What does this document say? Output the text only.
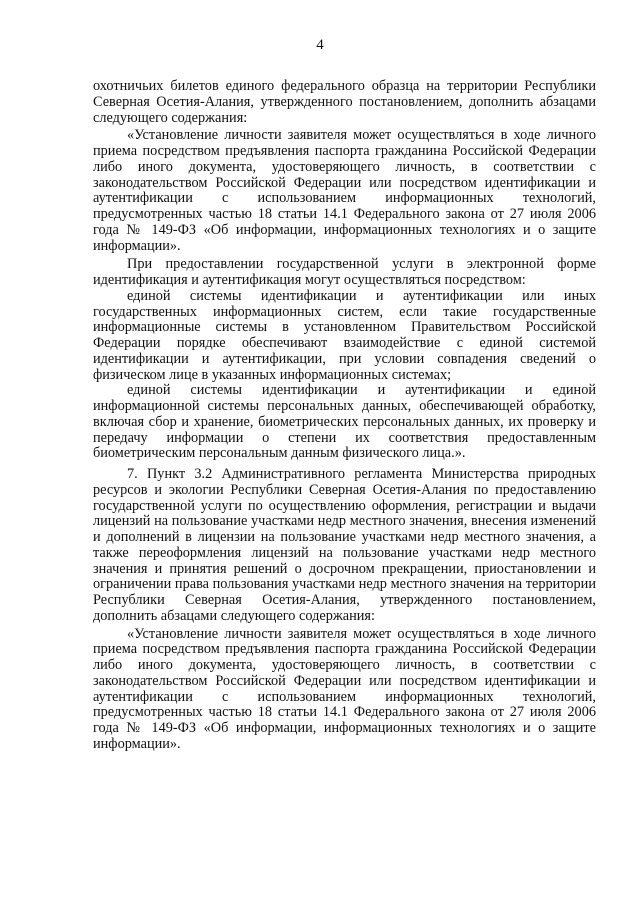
4

охотничьих билетов единого федерального образца на территории Республики Северная Осетия-Алания, утвержденного постановлением, дополнить абзацами следующего содержания:

«Установление личности заявителя может осуществляться в ходе личного приема посредством предъявления паспорта гражданина Российской Федерации либо иного документа, удостоверяющего личность, в соответствии с законодательством Российской Федерации или посредством идентификации и аутентификации с использованием информационных технологий, предусмотренных частью 18 статьи 14.1 Федерального закона от 27 июля 2006 года № 149-ФЗ «Об информации, информационных технологиях и о защите информации».

При предоставлении государственной услуги в электронной форме идентификация и аутентификация могут осуществляться посредством:

единой системы идентификации и аутентификации или иных государственных информационных систем, если такие государственные информационные системы в установленном Правительством Российской Федерации порядке обеспечивают взаимодействие с единой системой идентификации и аутентификации, при условии совпадения сведений о физическом лице в указанных информационных системах;

единой системы идентификации и аутентификации и единой информационной системы персональных данных, обеспечивающей обработку, включая сбор и хранение, биометрических персональных данных, их проверку и передачу информации о степени их соответствия предоставленным биометрическим персональным данным физического лица.».

7. Пункт 3.2 Административного регламента Министерства природных ресурсов и экологии Республики Северная Осетия-Алания по предоставлению государственной услуги по осуществлению оформления, регистрации и выдачи лицензий на пользование участками недр местного значения, внесения изменений и дополнений в лицензии на пользование участками недр местного значения, а также переоформления лицензий на пользование участками недр местного значения и принятия решений о досрочном прекращении, приостановлении и ограничении права пользования участками недр местного значения на территории Республики Северная Осетия-Алания, утвержденного постановлением, дополнить абзацами следующего содержания:

«Установление личности заявителя может осуществляться в ходе личного приема посредством предъявления паспорта гражданина Российской Федерации либо иного документа, удостоверяющего личность, в соответствии с законодательством Российской Федерации или посредством идентификации и аутентификации с использованием информационных технологий, предусмотренных частью 18 статьи 14.1 Федерального закона от 27 июля 2006 года № 149-ФЗ «Об информации, информационных технологиях и о защите информации».
